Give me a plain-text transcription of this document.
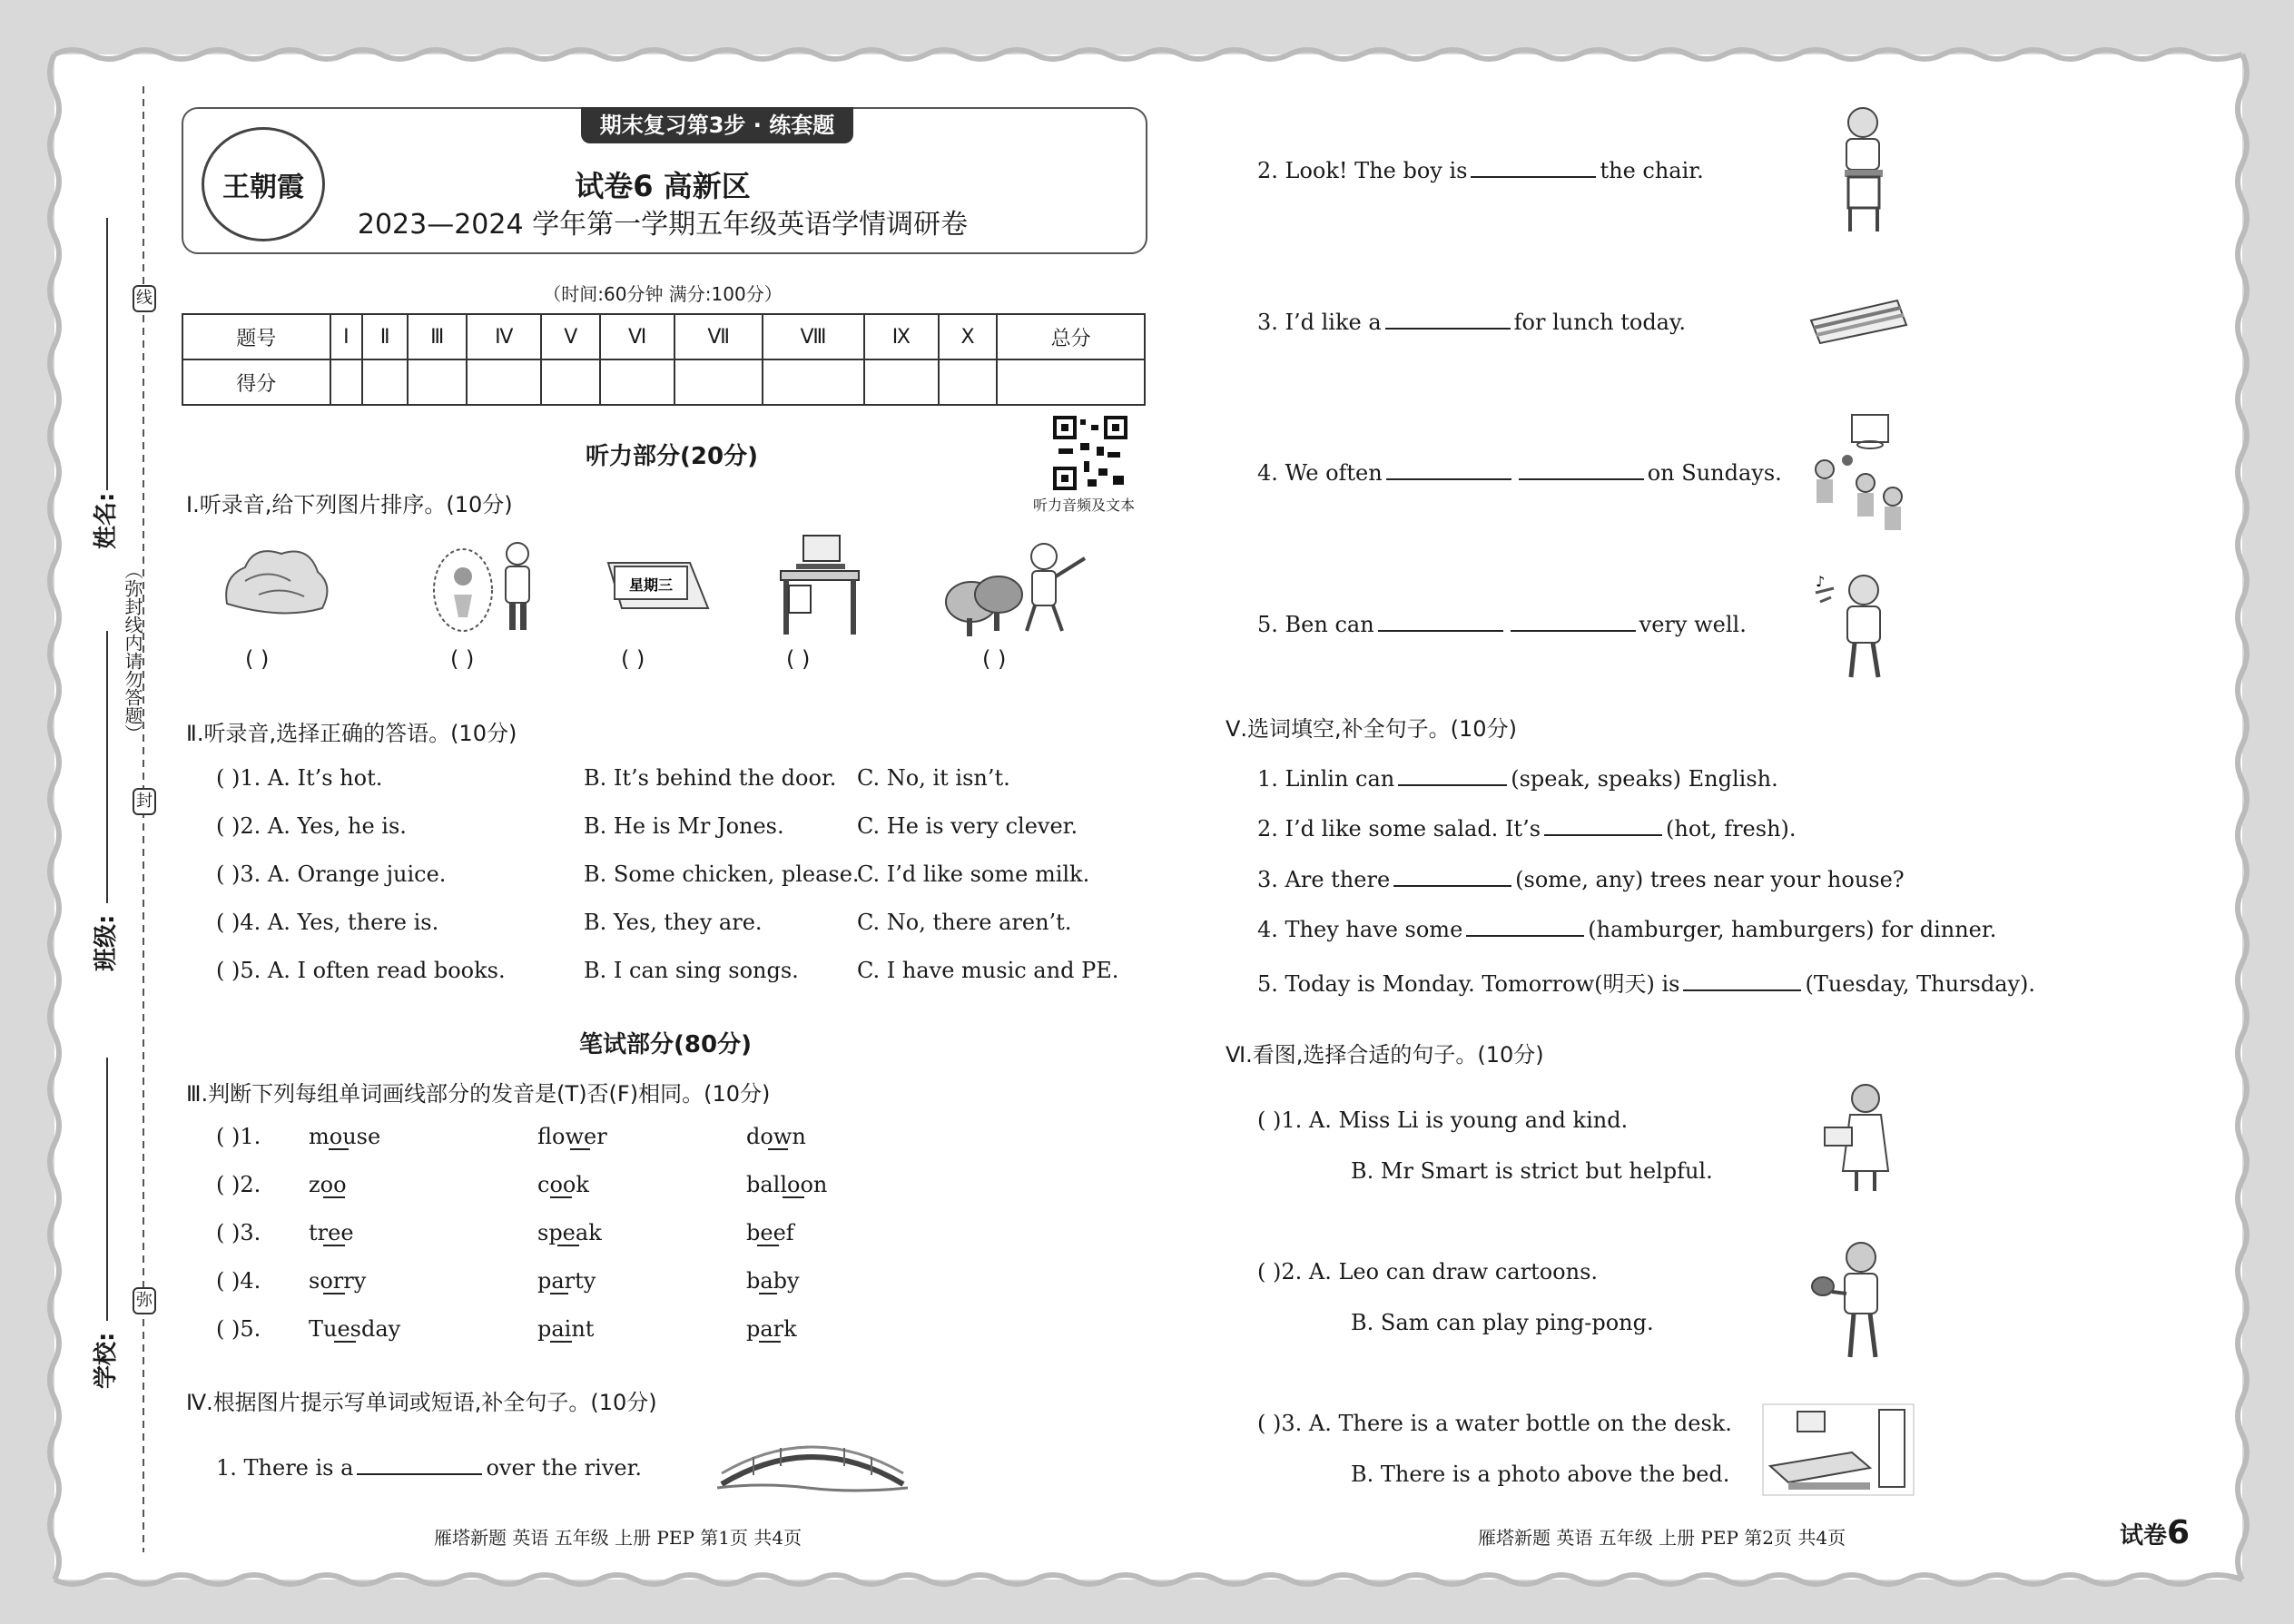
线
封
弥
（弥封线内请勿答题）
姓名:
班级:
学校:
期末复习第3步 · 练套题
王朝霞	试卷6 高新区
2023—2024 学年第一学期五年级英语学情调研卷
（时间:60分钟 满分:100分）
题号	Ⅰ	Ⅱ	Ⅲ	Ⅳ	Ⅴ	Ⅵ	Ⅶ	Ⅷ	Ⅸ	Ⅹ	总分
得分											
听力音频及文本
听力部分(20分)
Ⅰ.听录音,给下列图片排序。(10分)
星期三
( )	( )	( )	( )	( )
Ⅱ.听录音,选择正确的答语。(10分)
( )1. A. It’s hot.	B. It’s behind the door. C. No, it isn’t.
( )2. A. Yes, he is.	B. He is Mr Jones.	C. He is very clever.
( )3. A. Orange juice.	B. Some chicken, please.
C. I’d like some milk.
( )4. A. Yes, there is.	B. Yes, they are.	C. No, there aren’t.
( )5. A. I often read books.	B. I can sing songs.	C. I have music and PE.
笔试部分(80分)
Ⅲ.判断下列每组单词画线部分的发音是(T)否(F)相同。(10分)
( )1. mouse	flower	down
( )2. zoo	cook	balloon
( )3. tree	speak	beef
( )4. sorry	party	baby
( )5. Tuesday	paint	park
Ⅳ.根据图片提示写单词或短语,补全句子。(10分)
1. There is a	over the river.
2. Look! The boy is	the chair.
3. I’d like a	for lunch today.
4. We often	on Sundays.
5. Ben can	very well.
♪
Ⅴ.选词填空,补全句子。(10分)
1. Linlin can	(speak, speaks) English.
2. I’d like some salad. It’s	(hot, fresh).
3. Are there	(some, any) trees near your house?
4. They have some	(hamburger, hamburgers) for dinner.
5. Today is Monday. Tomorrow(明天) is	(Tuesday, Thursday).
Ⅵ.看图,选择合适的句子。(10分)
( )1. A. Miss Li is young and kind.
B. Mr Smart is strict but helpful.
( )2. A. Leo can draw cartoons.
B. Sam can play ping-pong.
( )3. A. There is a water bottle on the desk.
B. There is a photo above the bed.
雁塔新题 英语 五年级 上册 PEP 第1页 共4页	雁塔新题 英语 五年级 上册 PEP 第2页 共4页	试卷6
